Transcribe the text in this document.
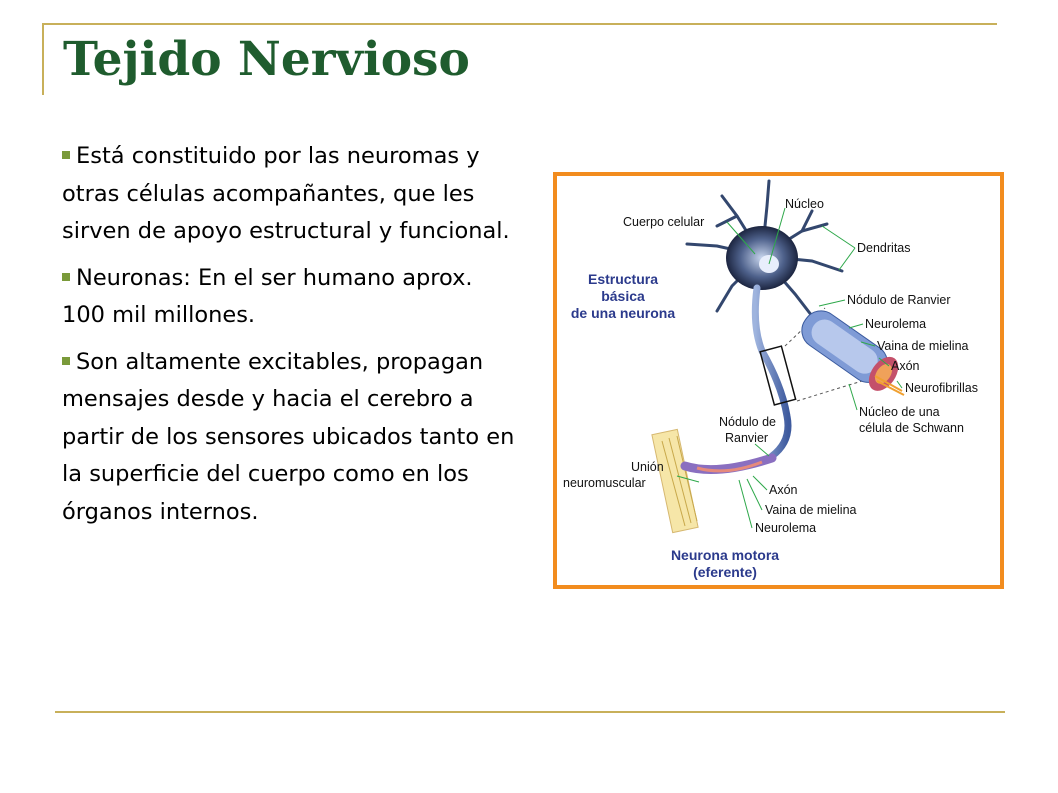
Tejido Nervioso
Está constituido por las neuromas y otras células acompañantes, que les sirven de apoyo estructural y funcional.
Neuronas: En el ser humano aprox. 100 mil millones.
Son altamente excitables, propagan mensajes desde y hacia el cerebro a partir de los sensores ubicados tanto en la superficie del cuerpo como en los órganos internos.
Estructura
básica
de una neurona
Núcleo
Cuerpo celular
Dendritas
Nódulo de Ranvier
Neurolema
Vaina de mielina
Axón
Neurofibrillas
Núcleo de una
célula de Schwann
Nódulo de
Ranvier
Unión
neuromuscular	Axón
Vaina de mielina
Neurolema
Neurona motora
(eferente)
